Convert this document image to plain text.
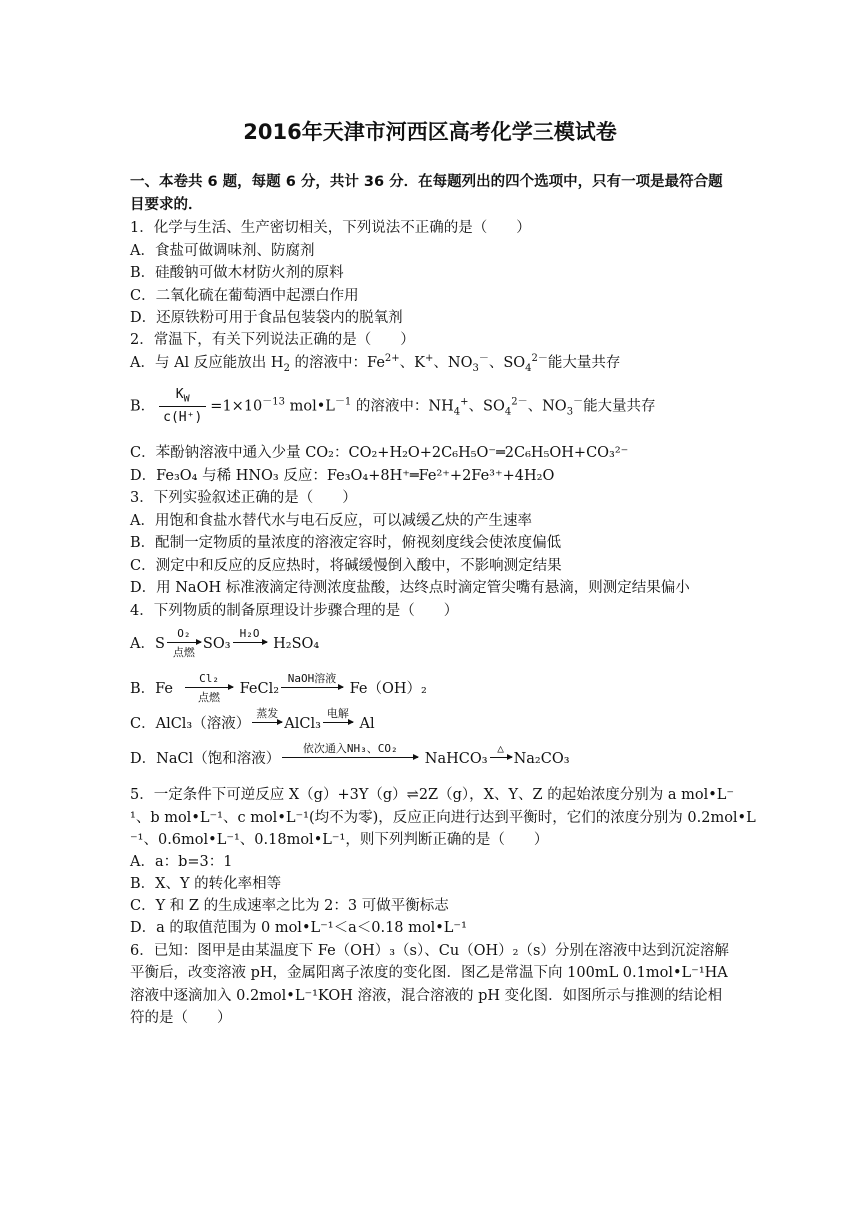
2016年天津市河西区高考化学三模试卷
一、本卷共 6 题，每题 6 分，共计 36 分．在每题列出的四个选项中，只有一项是最符合题
目要求的．
1．化学与生活、生产密切相关，下列说法不正确的是（　　）
A．食盐可做调味剂、防腐剂
B．硅酸钠可做木材防火剂的原料
C．二氧化硫在葡萄酒中起漂白作用
D．还原铁粉可用于食品包装袋内的脱氧剂
2．常温下，有关下列说法正确的是（　　）
A．与 Al 反应能放出 $H_2$ 的溶液中：$Fe^{2+}$、K+、$NO_3^-$、$SO_4^{2-}$能大量共存
B． $\frac{K_W}{c(H^+)} =1\times 10^{-13}$ $mol•L^{-1}$ 的溶液中：$NH_4^+$、$SO_4^{2-}$、$NO_3^-$能大量共存
C．苯酚钠溶液中通入少量 CO₂：CO₂+H₂O+2C₆H₅O⁻═2C₆H₅OH+CO₃²⁻
D．Fe₃O₄ 与稀 HNO₃ 反应：Fe₃O₄+8H⁺═Fe²⁺+2Fe³⁺+4H₂O
3．下列实验叙述正确的是（　　）
A．用饱和食盐水替代水与电石反应，可以减缓乙炔的产生速率
B．配制一定物质的量浓度的溶液定容时，俯视刻度线会使浓度偏低
C．测定中和反应的反应热时，将碱缓慢倒入酸中，不影响测定结果
D．用 NaOH 标准液滴定待测浓度盐酸，达终点时滴定管尖嘴有悬滴，则测定结果偏小
4．下列物质的制备原理设计步骤合理的是（　　）
A．S
O₂
点燃
SO₃
H₂O
H₂SO₄
B．Fe
Cl₂
点燃
FeCl₂
NaOH溶液
Fe（OH）₂
C．AlCl₃（溶液）
蒸发
AlCl₃
电解
Al
D．NaCl（饱和溶液）
依次通入NH₃、CO₂
NaHCO₃
△
Na₂CO₃
5．一定条件下可逆反应 X（g）+3Y（g）⇌2Z（g），X、Y、Z 的起始浓度分别为 a mol•L⁻
¹、b mol•L⁻¹、c mol•L⁻¹(均不为零)，反应正向进行达到平衡时，它们的浓度分别为 0.2mol•L
⁻¹、0.6mol•L⁻¹、0.18mol•L⁻¹，则下列判断正确的是（　　）
A．a：b=3：1
B．X、Y 的转化率相等
C．Y 和 Z 的生成速率之比为 2：3 可做平衡标志
D．a 的取值范围为 0 mol•L⁻¹＜a＜0.18 mol•L⁻¹
6．已知：图甲是由某温度下 Fe（OH）₃（s）、Cu（OH）₂（s）分别在溶液中达到沉淀溶解
平衡后，改变溶液 pH，金属阳离子浓度的变化图．图乙是常温下向 100mL 0.1mol•L⁻¹HA
溶液中逐滴加入 0.2mol•L⁻¹KOH 溶液，混合溶液的 pH 变化图．如图所示与推测的结论相
符的是（　　）
